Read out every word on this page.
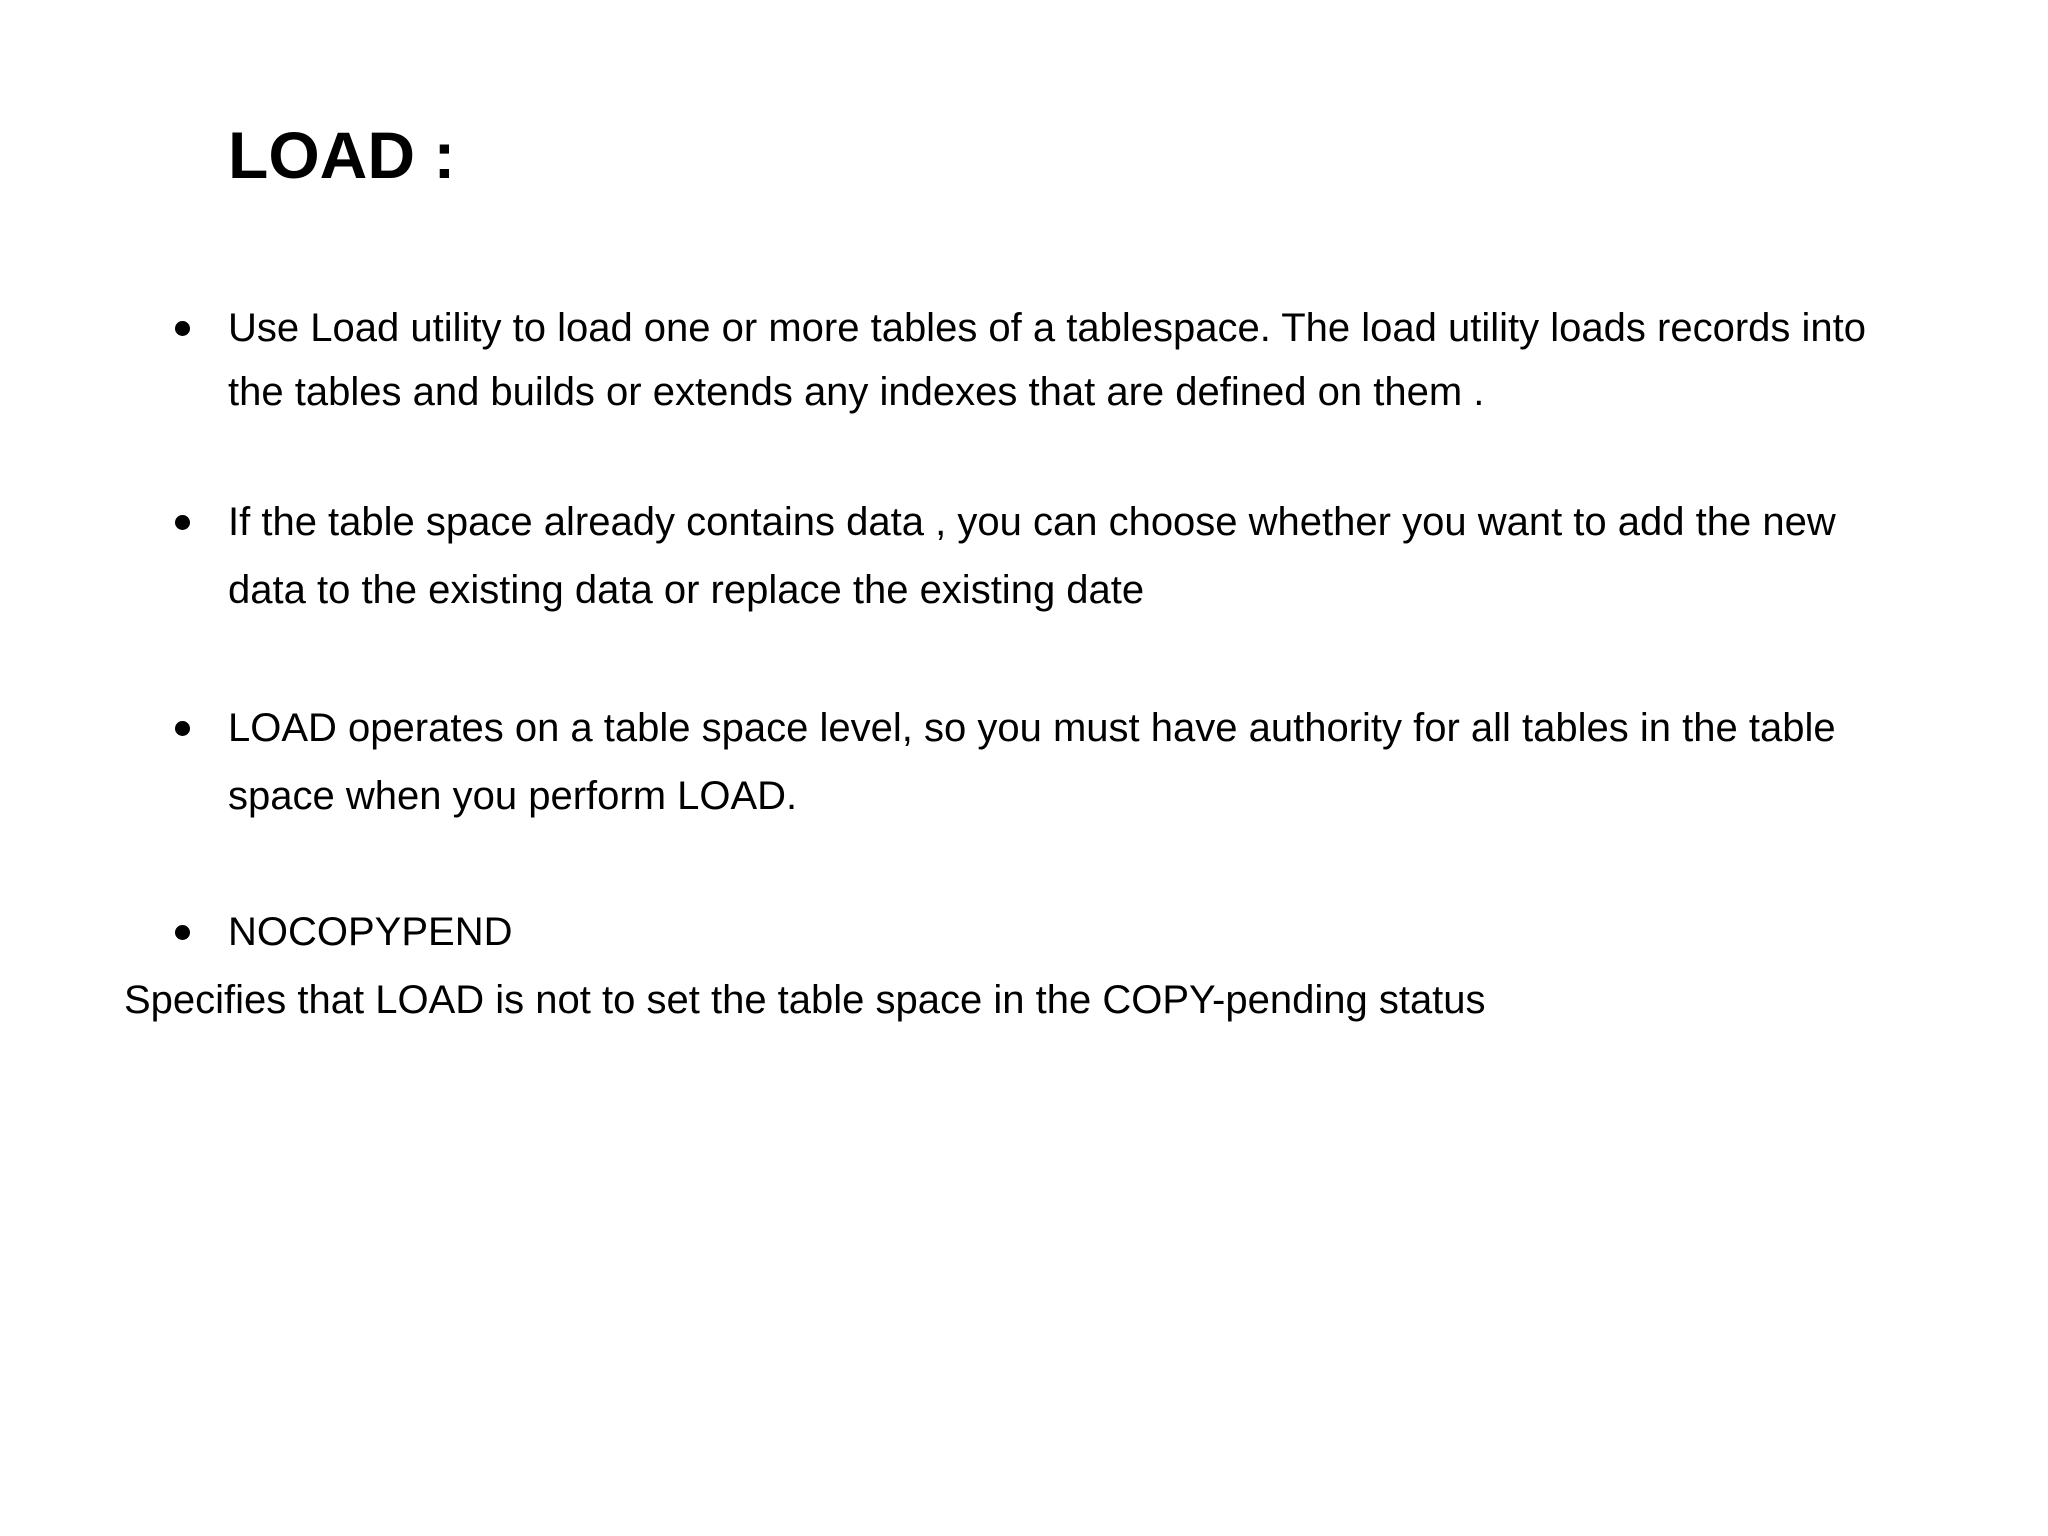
LOAD :
Use Load utility to load one or more tables of a tablespace. The load utility loads records into the tables and builds or extends any indexes that are defined on them .
If the table space already contains data , you can choose whether you want to add the new data to the existing data or replace the existing date
LOAD operates on a table space level, so you must have authority for all tables in the table space when you perform LOAD.
NOCOPYPEND

Specifies that LOAD is not to set the table space in the COPY-pending status
